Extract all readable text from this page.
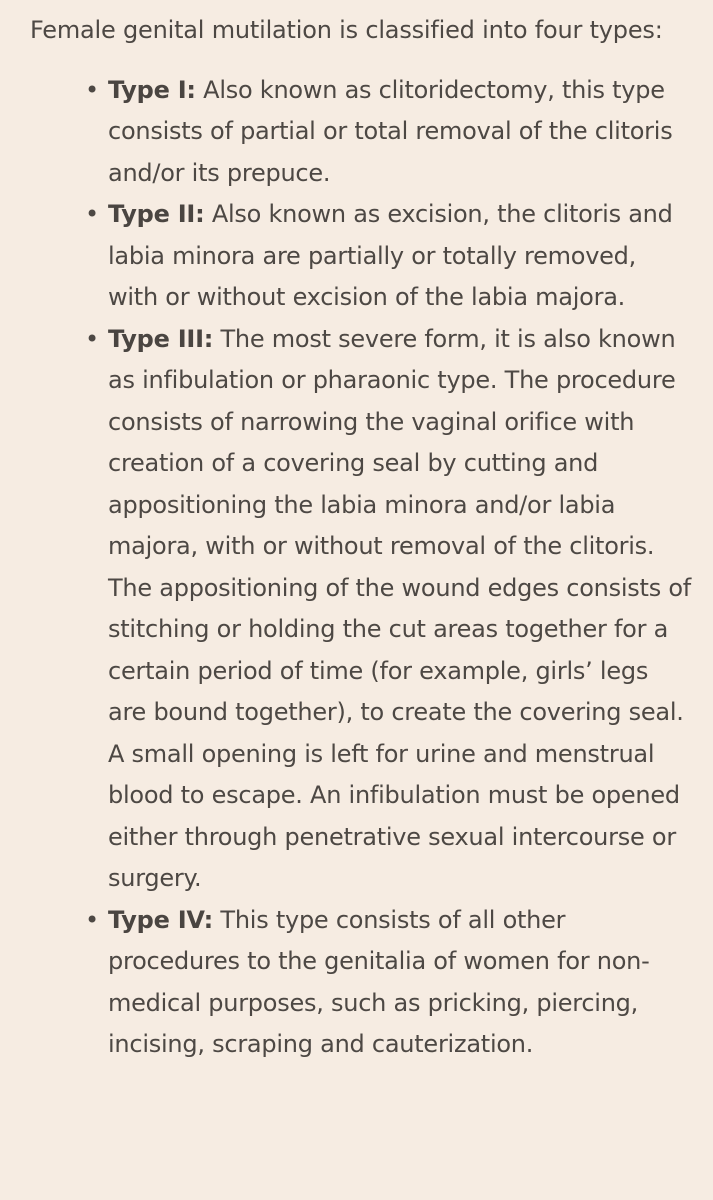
Female genital mutilation is classified into four types:

• Type I: Also known as clitoridectomy, this type consists of partial or total removal of the clitoris and/or its prepuce.
• Type II: Also known as excision, the clitoris and labia minora are partially or totally removed, with or without excision of the labia majora.
• Type III: The most severe form, it is also known as infibulation or pharaonic type. The procedure consists of narrowing the vaginal orifice with creation of a covering seal by cutting and appositioning the labia minora and/or labia majora, with or without removal of the clitoris. The appositioning of the wound edges consists of stitching or holding the cut areas together for a certain period of time (for example, girls’ legs are bound together), to create the covering seal. A small opening is left for urine and menstrual blood to escape. An infibulation must be opened either through penetrative sexual intercourse or surgery.
• Type IV: This type consists of all other procedures to the genitalia of women for non-medical purposes, such as pricking, piercing, incising, scraping and cauterization.
